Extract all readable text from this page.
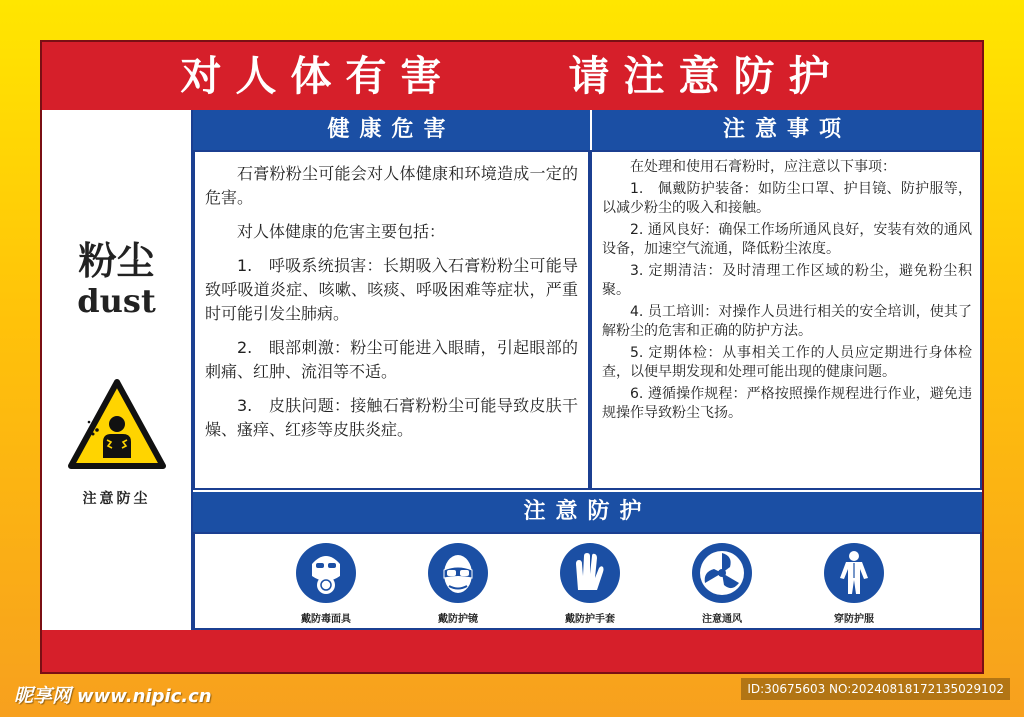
对人体有害    请注意防护
粉尘
dust
注意防尘
健康危害	注意事项

石膏粉粉尘可能会对人体健康和环境造成一定的危害。

对人体健康的危害主要包括：

1.　呼吸系统损害：长期吸入石膏粉粉尘可能导致呼吸道炎症、咳嗽、咳痰、呼吸困难等症状，严重时可能引发尘肺病。

2.　眼部刺激：粉尘可能进入眼睛，引起眼部的刺痛、红肿、流泪等不适。

3.　皮肤问题：接触石膏粉粉尘可能导致皮肤干燥、瘙痒、红疹等皮肤炎症。

在处理和使用石膏粉时，应注意以下事项：

1.　佩戴防护装备：如防尘口罩、护目镜、防护服等，以减少粉尘的吸入和接触。

2. 通风良好：确保工作场所通风良好，安装有效的通风设备，加速空气流通，降低粉尘浓度。

3. 定期清洁：及时清理工作区域的粉尘，避免粉尘积聚。

4. 员工培训：对操作人员进行相关的安全培训，使其了解粉尘的危害和正确的防护方法。

5. 定期体检：从事相关工作的人员应定期进行身体检查，以便早期发现和处理可能出现的健康问题。

6. 遵循操作规程：严格按照操作规程进行作业，避免违规操作导致粉尘飞扬。

注意防护
戴防毒面具	戴防护镜	戴防护手套	注意通风	穿防护服
昵享网 www.nipic.cn	ID:30675603 NO:20240818172135029102
